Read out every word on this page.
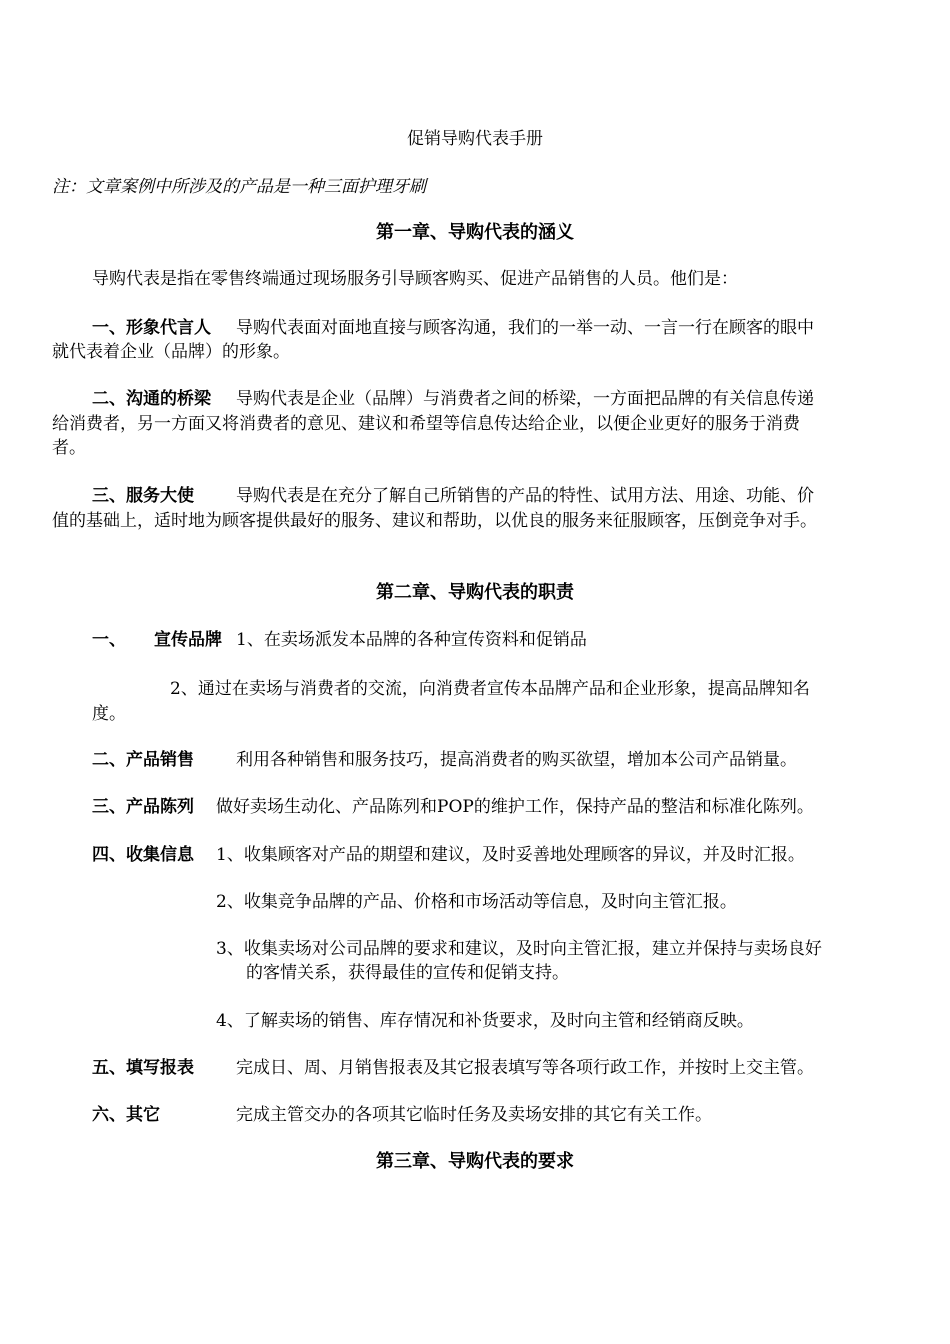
促销导购代表手册
注：文章案例中所涉及的产品是一种三面护理牙刷
第一章、导购代表的涵义
导购代表是指在零售终端通过现场服务引导顾客购买、促进产品销售的人员。他们是：
一、形象代言人 导购代表面对面地直接与顾客沟通，我们的一举一动、一言一行在顾客的眼中
就代表着企业（品牌）的形象。
二、沟通的桥梁 导购代表是企业（品牌）与消费者之间的桥梁，一方面把品牌的有关信息传递
给消费者，另一方面又将消费者的意见、建议和希望等信息传达给企业，以便企业更好的服务于消费
者。
三、服务大使 导购代表是在充分了解自己所销售的产品的特性、试用方法、用途、功能、价
值的基础上，适时地为顾客提供最好的服务、建议和帮助，以优良的服务来征服顾客，压倒竞争对手。
第二章、导购代表的职责
一、 宣传品牌 1、在卖场派发本品牌的各种宣传资料和促销品
2、通过在卖场与消费者的交流，向消费者宣传本品牌产品和企业形象，提高品牌知名
度。
二、产品销售 利用各种销售和服务技巧，提高消费者的购买欲望，增加本公司产品销量。
三、产品陈列 做好卖场生动化、产品陈列和POP的维护工作，保持产品的整洁和标准化陈列。
四、收集信息 1、收集顾客对产品的期望和建议，及时妥善地处理顾客的异议，并及时汇报。
2、收集竞争品牌的产品、价格和市场活动等信息，及时向主管汇报。
3、收集卖场对公司品牌的要求和建议，及时向主管汇报，建立并保持与卖场良好
的客情关系，获得最佳的宣传和促销支持。
4、了解卖场的销售、库存情况和补货要求，及时向主管和经销商反映。
五、填写报表 完成日、周、月销售报表及其它报表填写等各项行政工作，并按时上交主管。
六、其它	完成主管交办的各项其它临时任务及卖场安排的其它有关工作。
第三章、导购代表的要求
